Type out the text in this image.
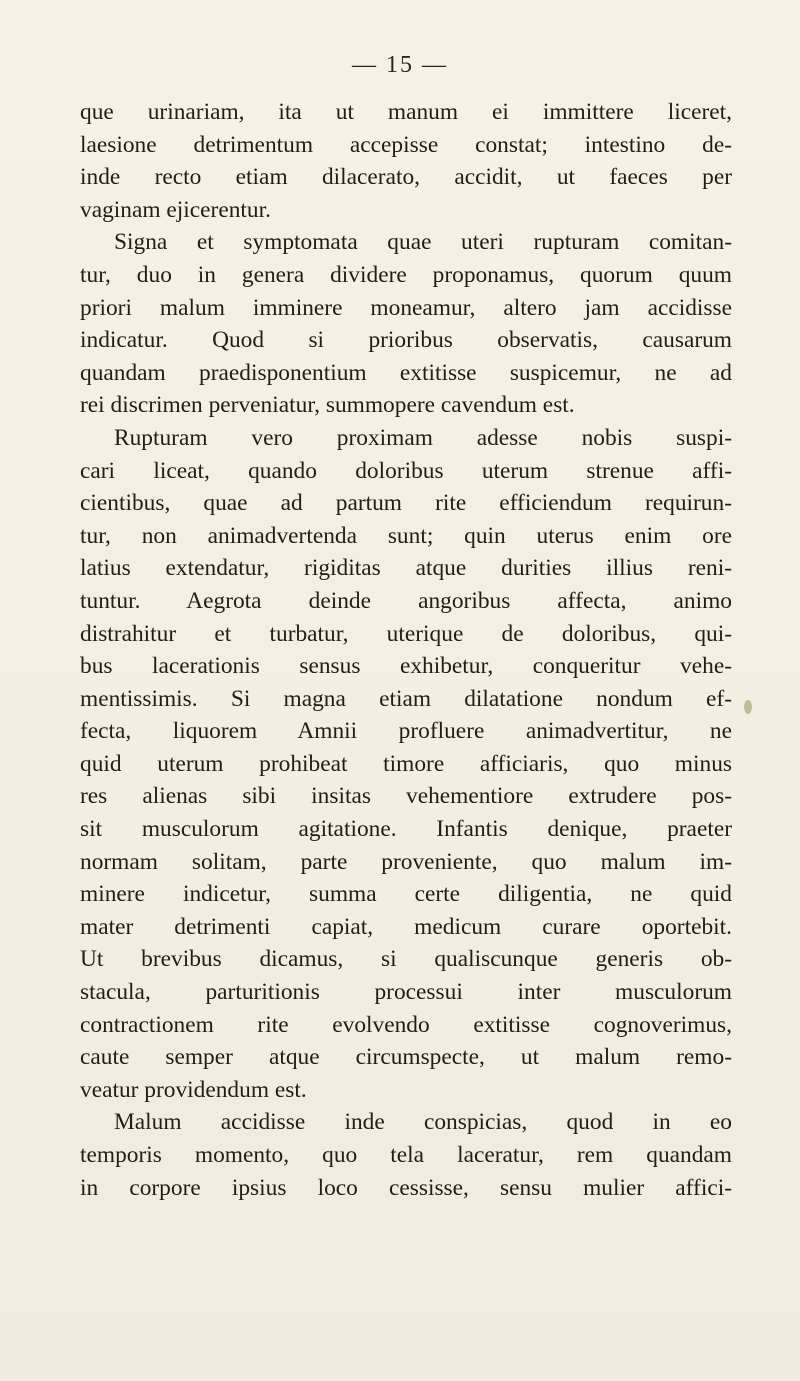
— 15 —
que urinariam, ita ut manum ei immittere liceret,
laesione detrimentum accepisse constat; intestino de-
inde recto etiam dilacerato, accidit, ut faeces per
vaginam ejicerentur.
Signa et symptomata quae uteri rupturam comitan-
tur, duo in genera dividere proponamus, quorum quum
priori malum imminere moneamur, altero jam accidisse
indicatur. Quod si prioribus observatis, causarum
quandam praedisponentium extitisse suspicemur, ne ad
rei discrimen perveniatur, summopere cavendum est.
Rupturam vero proximam adesse nobis suspi-
cari liceat, quando doloribus uterum strenue affi-
cientibus, quae ad partum rite efficiendum requirun-
tur, non animadvertenda sunt; quin uterus enim ore
latius extendatur, rigiditas atque durities illius reni-
tuntur. Aegrota deinde angoribus affecta, animo
distrahitur et turbatur, uterique de doloribus, qui-
bus lacerationis sensus exhibetur, conqueritur vehe-
mentissimis. Si magna etiam dilatatione nondum ef-
fecta, liquorem Amnii profluere animadvertitur, ne
quid uterum prohibeat timore afficiaris, quo minus
res alienas sibi insitas vehementiore extrudere pos-
sit musculorum agitatione. Infantis denique, praeter
normam solitam, parte proveniente, quo malum im-
minere indicetur, summa certe diligentia, ne quid
mater detrimenti capiat, medicum curare oportebit.
Ut brevibus dicamus, si qualiscunque generis ob-
stacula, parturitionis processui inter musculorum
contractionem rite evolvendo extitisse cognoverimus,
caute semper atque circumspecte, ut malum remo-
veatur providendum est.
Malum accidisse inde conspicias, quod in eo
temporis momento, quo tela laceratur, rem quandam
in corpore ipsius loco cessisse, sensu mulier affici-
